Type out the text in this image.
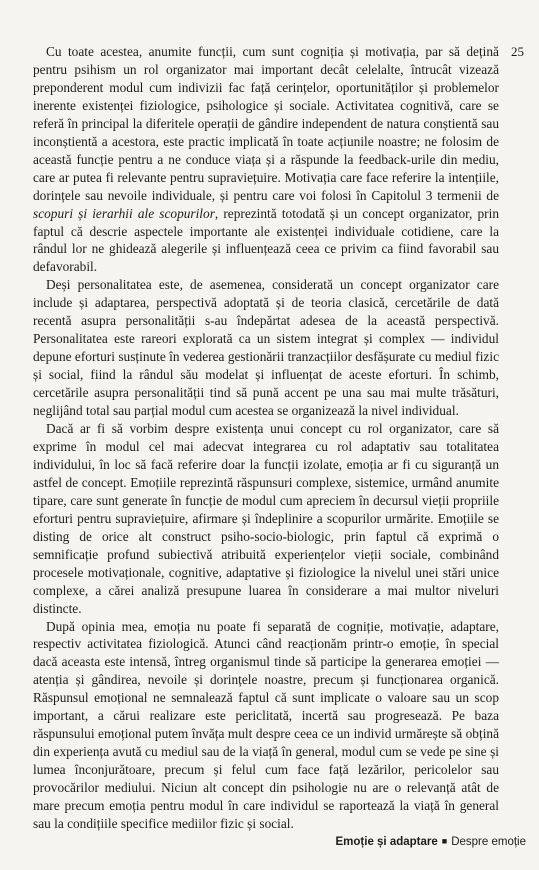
25

Cu toate acestea, anumite funcții, cum sunt cogniția și motivația, par să dețină pentru psihism un rol organizator mai important decât celelalte, întrucât vizează preponderent modul cum indivizii fac față cerințelor, oportunităților și problemelor inerente existenței fiziologice, psihologice și sociale. Activitatea cognitivă, care se referă în principal la diferitele operații de gândire independent de natura conștientă sau inconștientă a acestora, este practic implicată în toate acțiunile noastre; ne folosim de această funcție pentru a ne conduce viața și a răspunde la feedback-urile din mediu, care ar putea fi relevante pentru supraviețuire. Motivația care face referire la intențiile, dorințele sau nevoile individuale, și pentru care voi folosi în Capitolul 3 termenii de scopuri și ierarhii ale scopurilor, reprezintă totodată și un concept organizator, prin faptul că descrie aspectele importante ale existenței individuale cotidiene, care la rândul lor ne ghidează alegerile și influențează ceea ce privim ca fiind favorabil sau defavorabil.

Deși personalitatea este, de asemenea, considerată un concept organizator care include și adaptarea, perspectivă adoptată și de teoria clasică, cercetările de dată recentă asupra personalității s-au îndepărtat adesea de la această perspectivă. Personalitatea este rareori explorată ca un sistem integrat și complex — individul depune eforturi susținute în vederea gestionării tranzacțiilor desfășurate cu mediul fizic și social, fiind la rândul său modelat și influențat de aceste eforturi. În schimb, cercetările asupra personalității tind să pună accent pe una sau mai multe trăsături, neglijând total sau parțial modul cum acestea se organizează la nivel individual.

Dacă ar fi să vorbim despre existența unui concept cu rol organizator, care să exprime în modul cel mai adecvat integrarea cu rol adaptativ sau totalitatea individului, în loc să facă referire doar la funcții izolate, emoția ar fi cu siguranță un astfel de concept. Emoțiile reprezintă răspunsuri complexe, sistemice, urmând anumite tipare, care sunt generate în funcție de modul cum apreciem în decursul vieții propriile eforturi pentru supraviețuire, afirmare și îndeplinire a scopurilor urmărite. Emoțiile se disting de orice alt construct psiho-socio-biologic, prin faptul că exprimă o semnificație profund subiectivă atribuită experiențelor vieții sociale, combinând procesele motivaționale, cognitive, adaptative și fiziologice la nivelul unei stări unice complexe, a cărei analiză presupune luarea în considerare a mai multor niveluri distincte.

După opinia mea, emoția nu poate fi separată de cogniție, motivație, adaptare, respectiv activitatea fiziologică. Atunci când reacționăm printr-o emoție, în special dacă aceasta este intensă, întreg organismul tinde să participe la generarea emoției — atenția și gândirea, nevoile și dorințele noastre, precum și funcționarea organică. Răspunsul emoțional ne semnalează faptul că sunt implicate o valoare sau un scop important, a cărui realizare este periclitată, incertă sau progresează. Pe baza răspunsului emoțional putem învăța mult despre ceea ce un individ urmărește să obțină din experiența avută cu mediul sau de la viață în general, modul cum se vede pe sine și lumea înconjurătoare, precum și felul cum face față lezărilor, pericolelor sau provocărilor mediului. Niciun alt concept din psihologie nu are o relevanță atât de mare precum emoția pentru modul în care individul se raportează la viață în general sau la condițiile specifice mediilor fizic și social.

Emoție și adaptare ■ Despre emoție
